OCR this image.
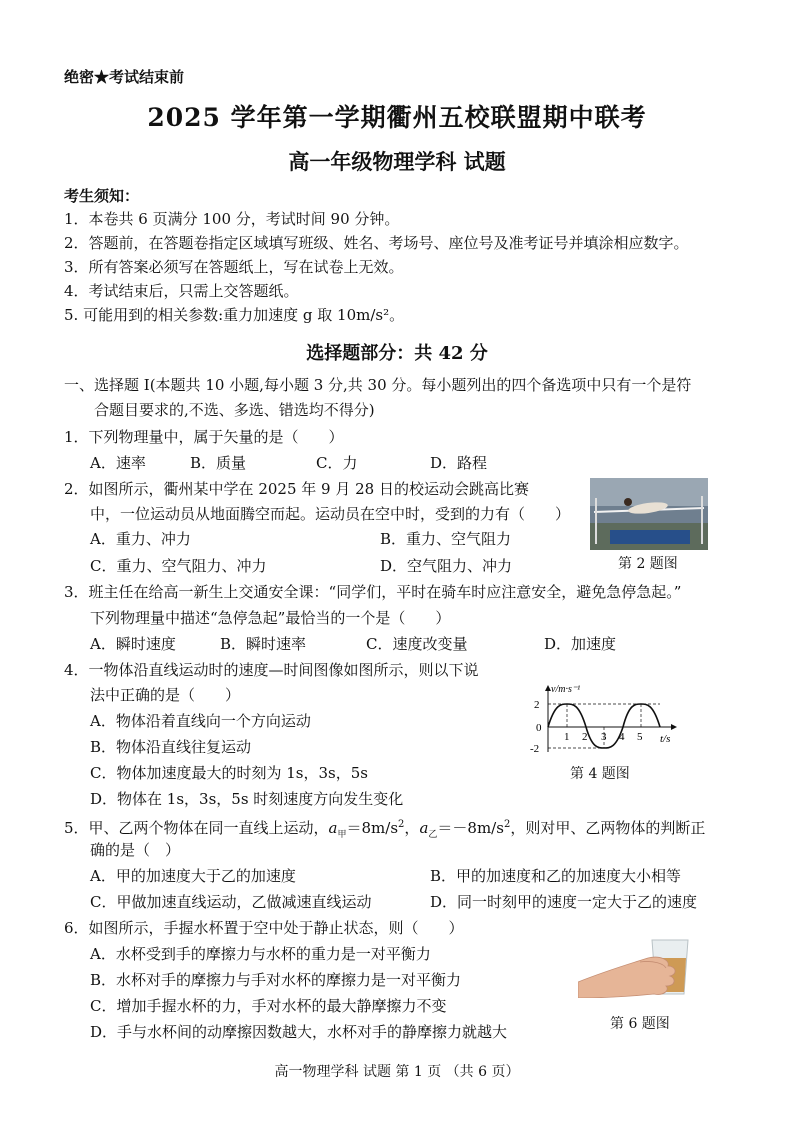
绝密★考试结束前
2025 学年第一学期衢州五校联盟期中联考
高一年级物理学科 试题
考生须知：
1．本卷共 6 页满分 100 分，考试时间 90 分钟。
2．答题前，在答题卷指定区域填写班级、姓名、考场号、座位号及准考证号并填涂相应数字。
3．所有答案必须写在答题纸上，写在试卷上无效。
4．考试结束后，只需上交答题纸。
5. 可能用到的相关参数:重力加速度 g 取 10m/s²。
选择题部分：共 42 分
一、选择题 I(本题共 10 小题,每小题 3 分,共 30 分。每小题列出的四个备选项中只有一个是符
合题目要求的,不选、多选、错选均不得分)
1．下列物理量中，属于矢量的是（　　）
A．速率	B．质量	C．力	D．路程
2．如图所示，衢州某中学在 2025 年 9 月 28 日的校运动会跳高比赛
中，一位运动员从地面腾空而起。运动员在空中时，受到的力有（　　）
A．重力、冲力	B．重力、空气阻力
C．重力、空气阻力、冲力	D．空气阻力、冲力	第 2 题图
3．班主任在给高一新生上交通安全课：“同学们，平时在骑车时应注意安全，避免急停急起。”
下列物理量中描述“急停急起”最恰当的一个是（　　）
A．瞬时速度	B．瞬时速率	C．速度改变量	D．加速度
4．一物体沿直线运动时的速度—时间图像如图所示，则以下说
法中正确的是（　　）
A．物体沿着直线向一个方向运动
B．物体沿直线往复运动
C．物体加速度最大的时刻为 1s，3s，5s
D．物体在 1s，3s，5s 时刻速度方向发生变化
v/m·s⁻¹
t/s
2
0
-2
1 2 3 4 5
第 4 题图
5．甲、乙两个物体在同一直线上运动，$a_甲=8m/s^2$，$a_乙=-8m/s^2$，则对甲、乙两物体的判断正
确的是（　）
A．甲的加速度大于乙的加速度	B．甲的加速度和乙的加速度大小相等
C．甲做加速直线运动，乙做减速直线运动	D．同一时刻甲的速度一定大于乙的速度
6．如图所示，手握水杯置于空中处于静止状态，则（　　）
A．水杯受到手的摩擦力与水杯的重力是一对平衡力
B．水杯对手的摩擦力与手对水杯的摩擦力是一对平衡力
C．增加手握水杯的力，手对水杯的最大静摩擦力不变
D．手与水杯间的动摩擦因数越大，水杯对手的静摩擦力就越大	第 6 题图
高一物理学科 试题 第 1 页 （共 6 页）
